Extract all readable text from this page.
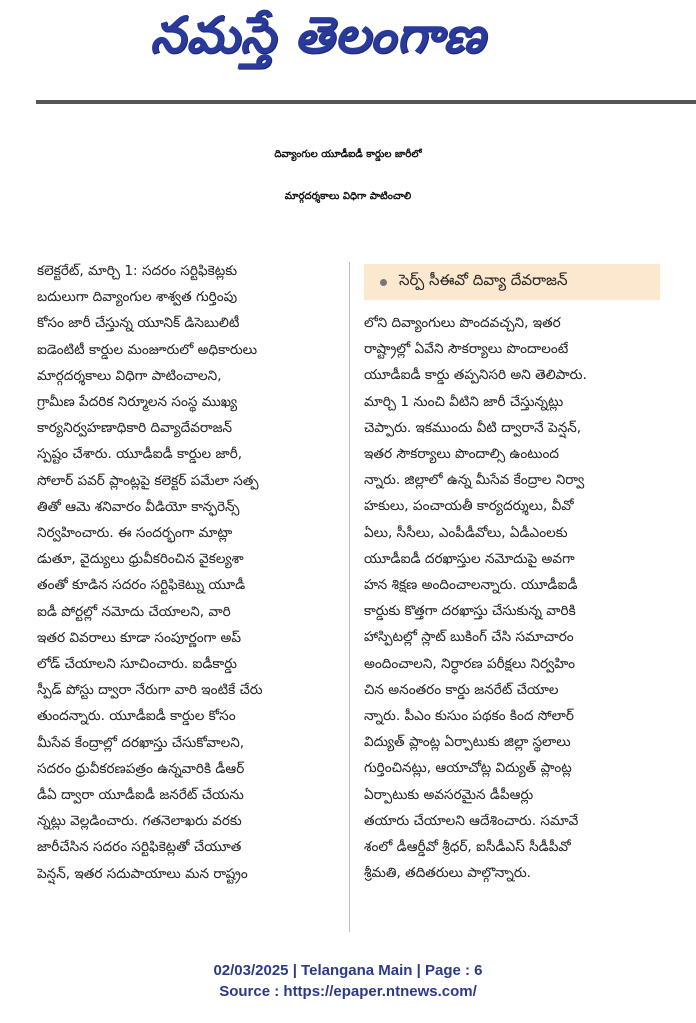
నమస్తే తెలంగాణ
దివ్యాంగుల యూడీఐడీ కార్డుల జారీలో
మార్గదర్శకాలు విధిగా పాటించాలి
కలెక్టరేట్, మార్చి 1: సదరం సర్టిఫికెట్లకు
బదులుగా దివ్యాంగుల శాశ్వత గుర్తింపు
కోసం జారీ చేస్తున్న యూనిక్ డిసెబులిటీ
ఐడెంటిటీ కార్డుల మంజూరులో అధికారులు
మార్గదర్శకాలు విధిగా పాటించాలని,
గ్రామీణ పేదరిక నిర్మూలన సంస్థ ముఖ్య
కార్యనిర్వహణాధికారి దివ్యాదేవరాజన్
స్పష్టం చేశారు. యూడీఐడీ కార్డుల జారీ,
సోలార్ పవర్ ప్లాంట్లపై కలెక్టర్ పమేలా సత్ప
తితో ఆమె శనివారం వీడియో కాన్ఫరెన్స్
నిర్వహించారు. ఈ సందర్భంగా మాట్లా
డుతూ, వైద్యులు ధ్రువీకరించిన వైకల్యశా
తంతో కూడిన సదరం సర్టిఫికెట్ను యూడీ
ఐడీ పోర్టల్లో నమోదు చేయాలని, వారి
ఇతర వివరాలు కూడా సంపూర్ణంగా అప్
లోడ్ చేయాలని సూచించారు. ఐడీకార్డు
స్పీడ్ పోస్టు ద్వారా నేరుగా వారి ఇంటికే చేరు
తుందన్నారు. యూడీఐడీ కార్డుల కోసం
మీసేవ కేంద్రాల్లో దరఖాస్తు చేసుకోవాలని,
సదరం ధ్రువీకరణపత్రం ఉన్నవారికి డీఆర్
డీఏ ద్వారా యూడీఐడీ జనరేట్ చేయను
న్నట్లు వెల్లడించారు. గతనెలాఖరు వరకు
జారీచేసిన సదరం సర్టిఫికెట్లతో చేయూత
పెన్షన్, ఇతర సదుపాయాలు మన రాష్ట్రం
సెర్ప్ సీఈవో దివ్యా దేవరాజన్
లోని దివ్యాంగులు పొందవచ్చని, ఇతర
రాష్ట్రాల్లో ఏవేని సౌకర్యాలు పొందాలంటే
యూడీఐడీ కార్డు తప్పనిసరి అని తెలిపారు.
మార్చి 1 నుంచి వీటిని జారీ చేస్తున్నట్లు
చెప్పారు. ఇకముందు వీటి ద్వారానే పెన్షన్,
ఇతర సౌకర్యాలు పొందాల్సి ఉంటుంద
న్నారు. జిల్లాలో ఉన్న మీసేవ కేంద్రాల నిర్వా
హకులు, పంచాయతీ కార్యదర్శులు, వీవో
ఏలు, సీసీలు, ఎంపీడీవోలు, ఏడీఎంలకు
యూడీఐడీ దరఖాస్తుల నమోదుపై అవగా
హన శిక్షణ అందించాలన్నారు. యూడీఐడీ
కార్డుకు కొత్తగా దరఖాస్తు చేసుకున్న వారికి
హాస్పిటల్లో స్లాట్ బుకింగ్ చేసి సమాచారం
అందించాలని, నిర్ధారణ పరీక్షలు నిర్వహిం
చిన అనంతరం కార్డు జనరేట్ చేయాల
న్నారు. పీఎం కుసుం పథకం కింద సోలార్
విద్యుత్ ప్లాంట్ల ఏర్పాటుకు జిల్లా స్థలాలు
గుర్తించినట్లు, ఆయాచోట్ల విద్యుత్ ప్లాంట్ల
ఏర్పాటుకు అవసరమైన డీపీఆర్లు
తయారు చేయాలని ఆదేశించారు. సమావే
శంలో డీఆర్డీవో శ్రీధర్, ఐసీడీఎస్ సీడీపీవో
శ్రీమతి, తదితరులు పాల్గొన్నారు.
02/03/2025 | Telangana Main | Page : 6
Source : https://epaper.ntnews.com/
